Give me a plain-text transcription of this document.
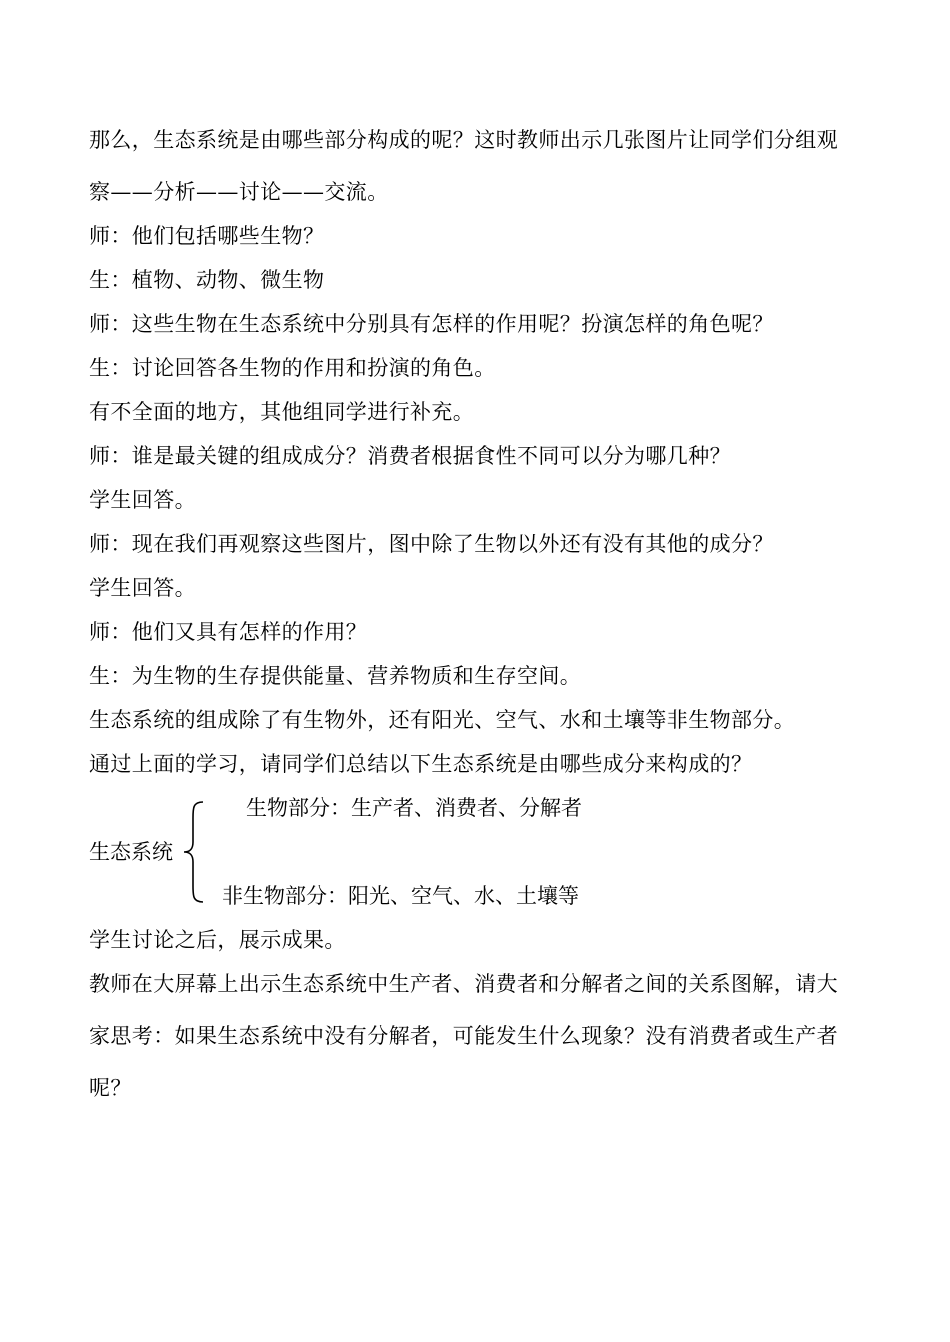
那么，生态系统是由哪些部分构成的呢？这时教师出示几张图片让同学们分组观
察——分析——讨论——交流。
师：他们包括哪些生物？
生：植物、动物、微生物
师：这些生物在生态系统中分别具有怎样的作用呢？扮演怎样的角色呢？
生：讨论回答各生物的作用和扮演的角色。
有不全面的地方，其他组同学进行补充。
师：谁是最关键的组成成分？消费者根据食性不同可以分为哪几种？
学生回答。
师：现在我们再观察这些图片，图中除了生物以外还有没有其他的成分？
学生回答。
师：他们又具有怎样的作用？
生：为生物的生存提供能量、营养物质和生存空间。
生态系统的组成除了有生物外，还有阳光、空气、水和土壤等非生物部分。
通过上面的学习，请同学们总结以下生态系统是由哪些成分来构成的？
生态系统
生物部分：生产者、消费者、分解者
非生物部分：阳光、空气、水、土壤等
学生讨论之后，展示成果。
教师在大屏幕上出示生态系统中生产者、消费者和分解者之间的关系图解，请大
家思考：如果生态系统中没有分解者，可能发生什么现象？没有消费者或生产者
呢？
